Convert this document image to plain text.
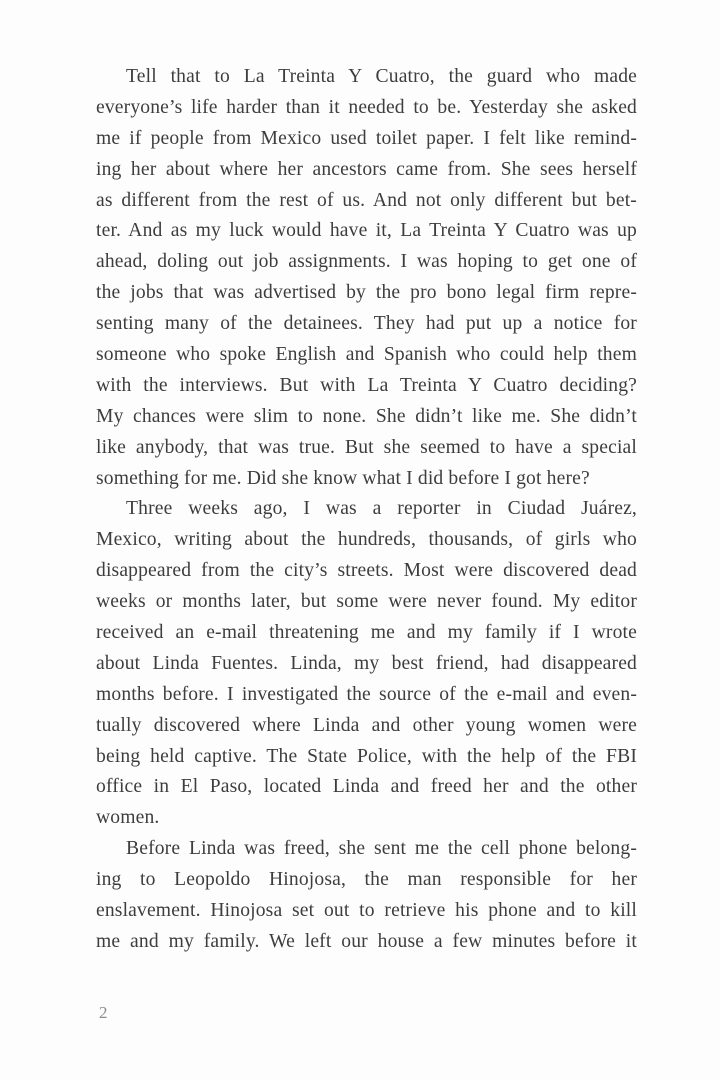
Tell that to La Treinta Y Cuatro, the guard who made
everyone’s life harder than it needed to be. Yesterday she asked
me if people from Mexico used toilet paper. I felt like remind-
ing her about where her ancestors came from. She sees herself
as different from the rest of us. And not only different but bet-
ter. And as my luck would have it, La Treinta Y Cuatro was up
ahead, doling out job assignments. I was hoping to get one of
the jobs that was advertised by the pro bono legal firm repre-
senting many of the detainees. They had put up a notice for
someone who spoke English and Spanish who could help them
with the interviews. But with La Treinta Y Cuatro deciding?
My chances were slim to none. She didn’t like me. She didn’t
like anybody, that was true. But she seemed to have a special
something for me. Did she know what I did before I got here?
Three weeks ago, I was a reporter in Ciudad Juárez,
Mexico, writing about the hundreds, thousands, of girls who
disappeared from the city’s streets. Most were discovered dead
weeks or months later, but some were never found. My editor
received an e-mail threatening me and my family if I wrote
about Linda Fuentes. Linda, my best friend, had disappeared
months before. I investigated the source of the e-mail and even-
tually discovered where Linda and other young women were
being held captive. The State Police, with the help of the FBI
office in El Paso, located Linda and freed her and the other
women.
Before Linda was freed, she sent me the cell phone belong-
ing to Leopoldo Hinojosa, the man responsible for her
enslavement. Hinojosa set out to retrieve his phone and to kill
me and my family. We left our house a few minutes before it
2
